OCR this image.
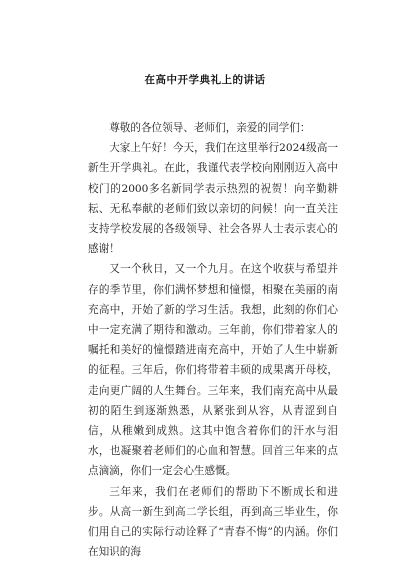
在高中开学典礼上的讲话

尊敬的各位领导、老师们，亲爱的同学们：

大家上午好！今天，我们在这里举行2024级高一新生开学典礼。在此，我谨代表学校向刚刚迈入高中校门的2000多名新同学表示热烈的祝贺！向辛勤耕耘、无私奉献的老师们致以亲切的问候！向一直关注支持学校发展的各级领导、社会各界人士表示衷心的感谢！

又一个秋日，又一个九月。在这个收获与希望并存的季节里，你们满怀梦想和憧憬，相聚在美丽的南充高中，开始了新的学习生活。我想，此刻的你们心中一定充满了期待和激动。三年前，你们带着家人的嘱托和美好的憧憬踏进南充高中，开始了人生中崭新的征程。三年后，你们将带着丰硕的成果离开母校，走向更广阔的人生舞台。三年来，我们南充高中从最初的陌生到逐渐熟悉，从紧张到从容，从青涩到自信，从稚嫩到成熟。这其中饱含着你们的汗水与泪水，也凝聚着老师们的心血和智慧。回首三年来的点点滴滴，你们一定会心生感慨。

三年来，我们在老师们的帮助下不断成长和进步。从高一新生到高二学长组，再到高三毕业生，你们用自己的实际行动诠释了“青春不悔”的内涵。你们在知识的海
